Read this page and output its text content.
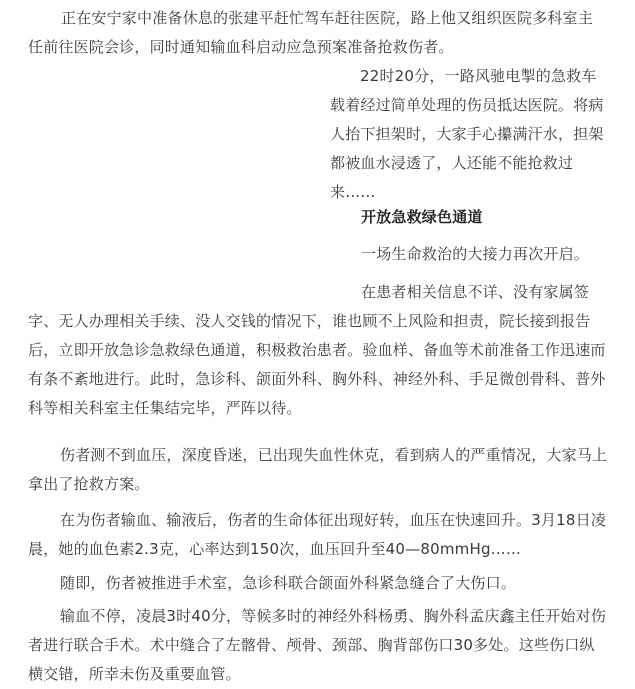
正在安宁家中准备休息的张建平赶忙驾车赶往医院，路上他又组织医院多科室主任前往医院会诊，同时通知输血科启动应急预案准备抢救伤者。

22时20分，一路风驰电掣的急救车载着经过简单处理的伤员抵达医院。将病人抬下担架时，大家手心攥满汗水，担架都被血水浸透了，人还能不能抢救过来……

开放急救绿色通道

一场生命救治的大接力再次开启。

在患者相关信息不详、没有家属签
字、无人办理相关手续、没人交钱的情况下，谁也顾不上风险和担责，院长接到报告后，立即开放急诊急救绿色通道，积极救治患者。验血样、备血等术前准备工作迅速而有条不紊地进行。此时，急诊科、颌面外科、胸外科、神经外科、手足微创骨科、普外科等相关科室主任集结完毕，严阵以待。

伤者测不到血压，深度昏迷，已出现失血性休克，看到病人的严重情况，大家马上拿出了抢救方案。

在为伤者输血、输液后，伤者的生命体征出现好转，血压在快速回升。3月18日凌晨，她的血色素2.3克，心率达到150次，血压回升至40—80mmHg……

随即，伤者被推进手术室，急诊科联合颌面外科紧急缝合了大伤口。

输血不停，凌晨3时40分，等候多时的神经外科杨勇、胸外科孟庆鑫主任开始对伤者进行联合手术。术中缝合了左髂骨、颅骨、颈部、胸背部伤口30多处。这些伤口纵横交错，所幸未伤及重要血管。
